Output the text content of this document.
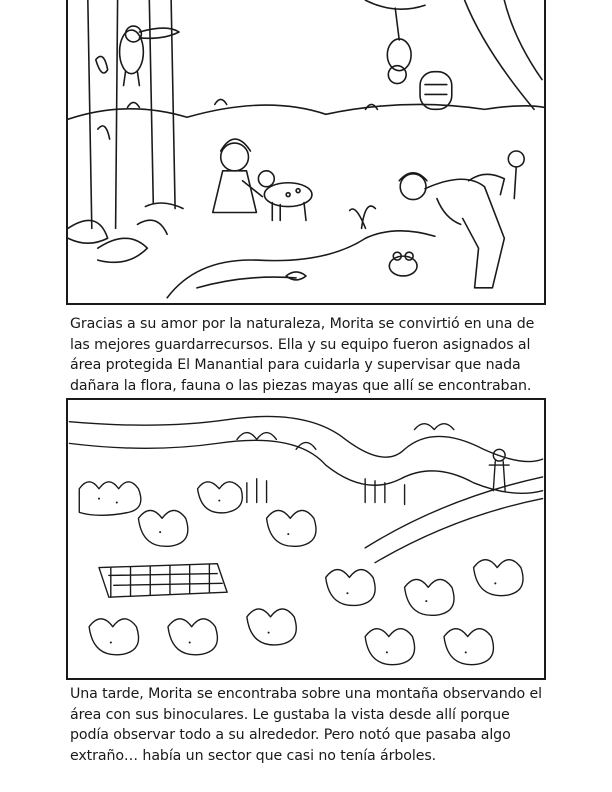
Gracias a su amor por la naturaleza, Morita se convirtió en una de las mejores guardarrecursos. Ella y su equipo fueron asignados al área protegida El Manantial para cuidarla y supervisar que nada dañara la flora, fauna o las piezas mayas que allí se encontraban.

Una tarde, Morita se encontraba sobre una montaña observando el área con sus binoculares. Le gustaba la vista desde allí porque podía observar todo a su alrededor. Pero notó que pasaba algo extraño… había un sector que casi no tenía árboles.
